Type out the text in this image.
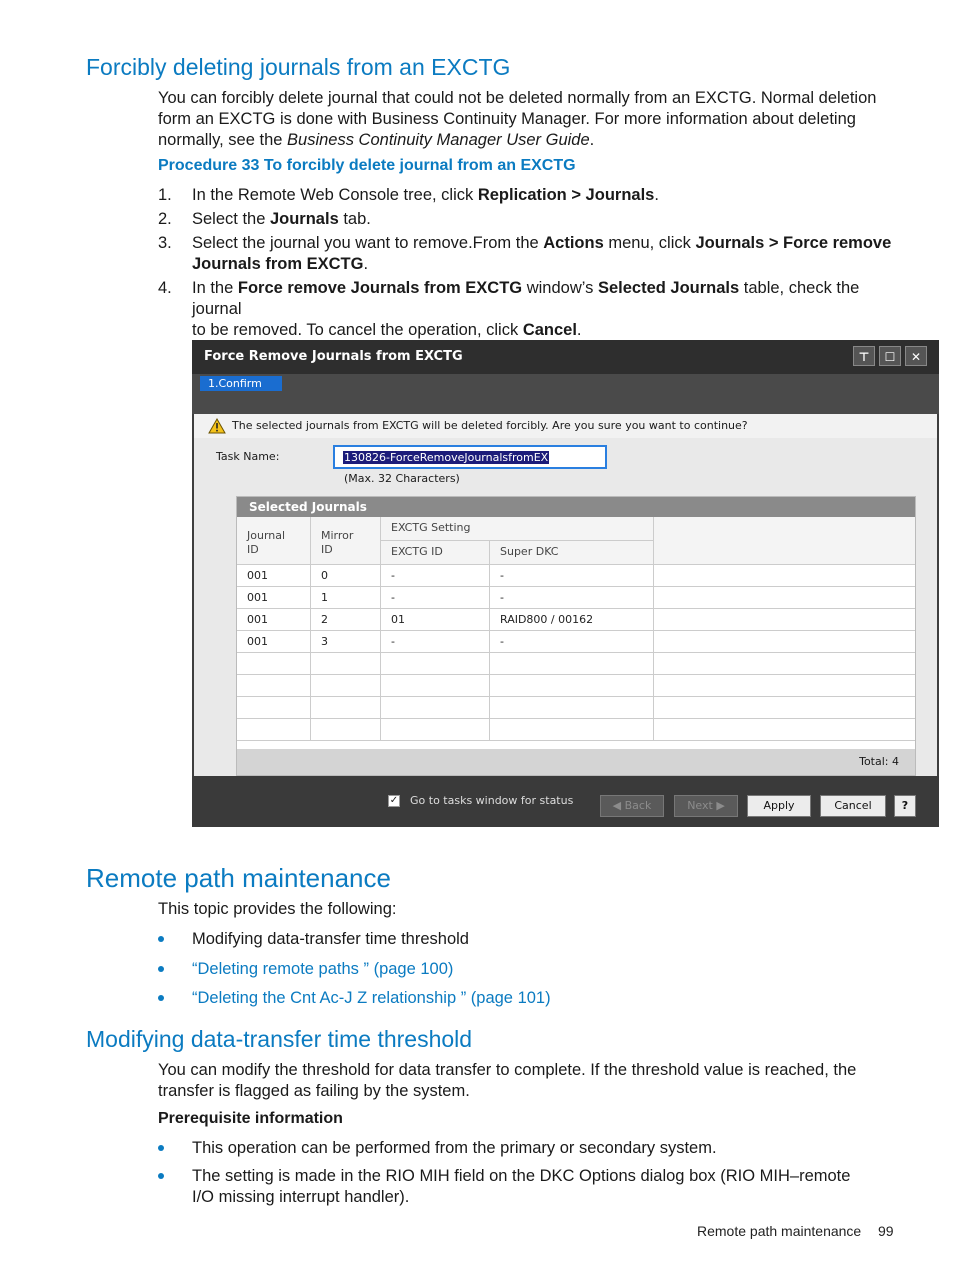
Forcibly deleting journals from an EXCTG
You can forcibly delete journal that could not be deleted normally from an EXCTG. Normal deletion
form an EXCTG is done with Business Continuity Manager. For more information about deleting
normally, see the Business Continuity Manager User Guide.
Procedure 33 To forcibly delete journal from an EXCTG
1.	In the Remote Web Console tree, click Replication > Journals.
2.	Select the Journals tab.
3.	Select the journal you want to remove.From the Actions menu, click Journals > Force remove
Journals from EXCTG.
4.	In the Force remove Journals from EXCTG window’s Selected Journals table, check the journal
to be removed. To cancel the operation, click Cancel.
Force Remove Journals from EXCTG	⊤	☐	✕
1.Confirm
The selected journals from EXCTG will be deleted forcibly. Are you sure you want to continue?
Task Name:	130826-ForceRemoveJournalsfromEX
(Max. 32 Characters)
Selected Journals
Journal
ID
Mirror
ID
EXCTG Setting
EXCTG ID	Super DKC
001	0	-	-
001	1	-	-
001	2	01	RAID800 / 00162
001	3	-	-
Total: 4
✓ Go to tasks window for status	◀ Back	Next ▶	Apply	Cancel	?
Remote path maintenance
This topic provides the following:
Modifying data-transfer time threshold
“Deleting remote paths ” (page 100)
“Deleting the Cnt Ac-J Z relationship ” (page 101)
Modifying data-transfer time threshold
You can modify the threshold for data transfer to complete. If the threshold value is reached, the
transfer is flagged as failing by the system.
Prerequisite information
This operation can be performed from the primary or secondary system.
The setting is made in the RIO MIH field on the DKC Options dialog box (RIO MIH–remote
I/O missing interrupt handler).
Remote path maintenance 99
